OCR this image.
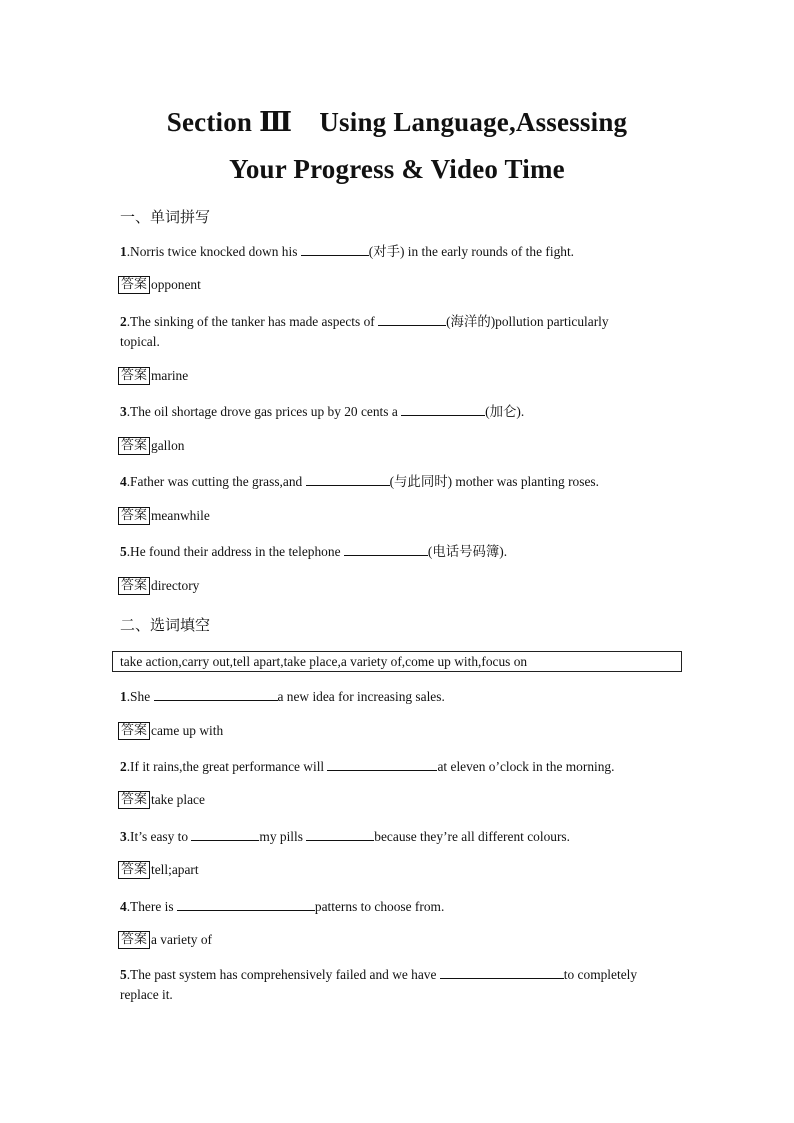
Section Ⅲ　Using Language,Assessing
Your Progress & Video Time
一、单词拼写
1.Norris twice knocked down his	(对手) in the early rounds of the fight.
答案 opponent
2.The sinking of the tanker has made aspects of	(海洋的)pollution particularly
topical.
答案 marine
3.The oil shortage drove gas prices up by 20 cents a	(加仑).
答案 gallon
4.Father was cutting the grass,and	(与此同时) mother was planting roses.
答案 meanwhile
5.He found their address in the telephone	(电话号码簿).
答案 directory
二、选词填空
take action,carry out,tell apart,take place,a variety of,come up with,focus on
1.She	a new idea for increasing sales.
答案 came up with
2.If it rains,the great performance will	at eleven o’clock in the morning.
答案 take place
3.It’s easy to	my pills	because they’re all different colours.
答案 tell;apart
4.There is	patterns to choose from.
答案 a variety of
5.The past system has comprehensively failed and we have	to completely
replace it.
